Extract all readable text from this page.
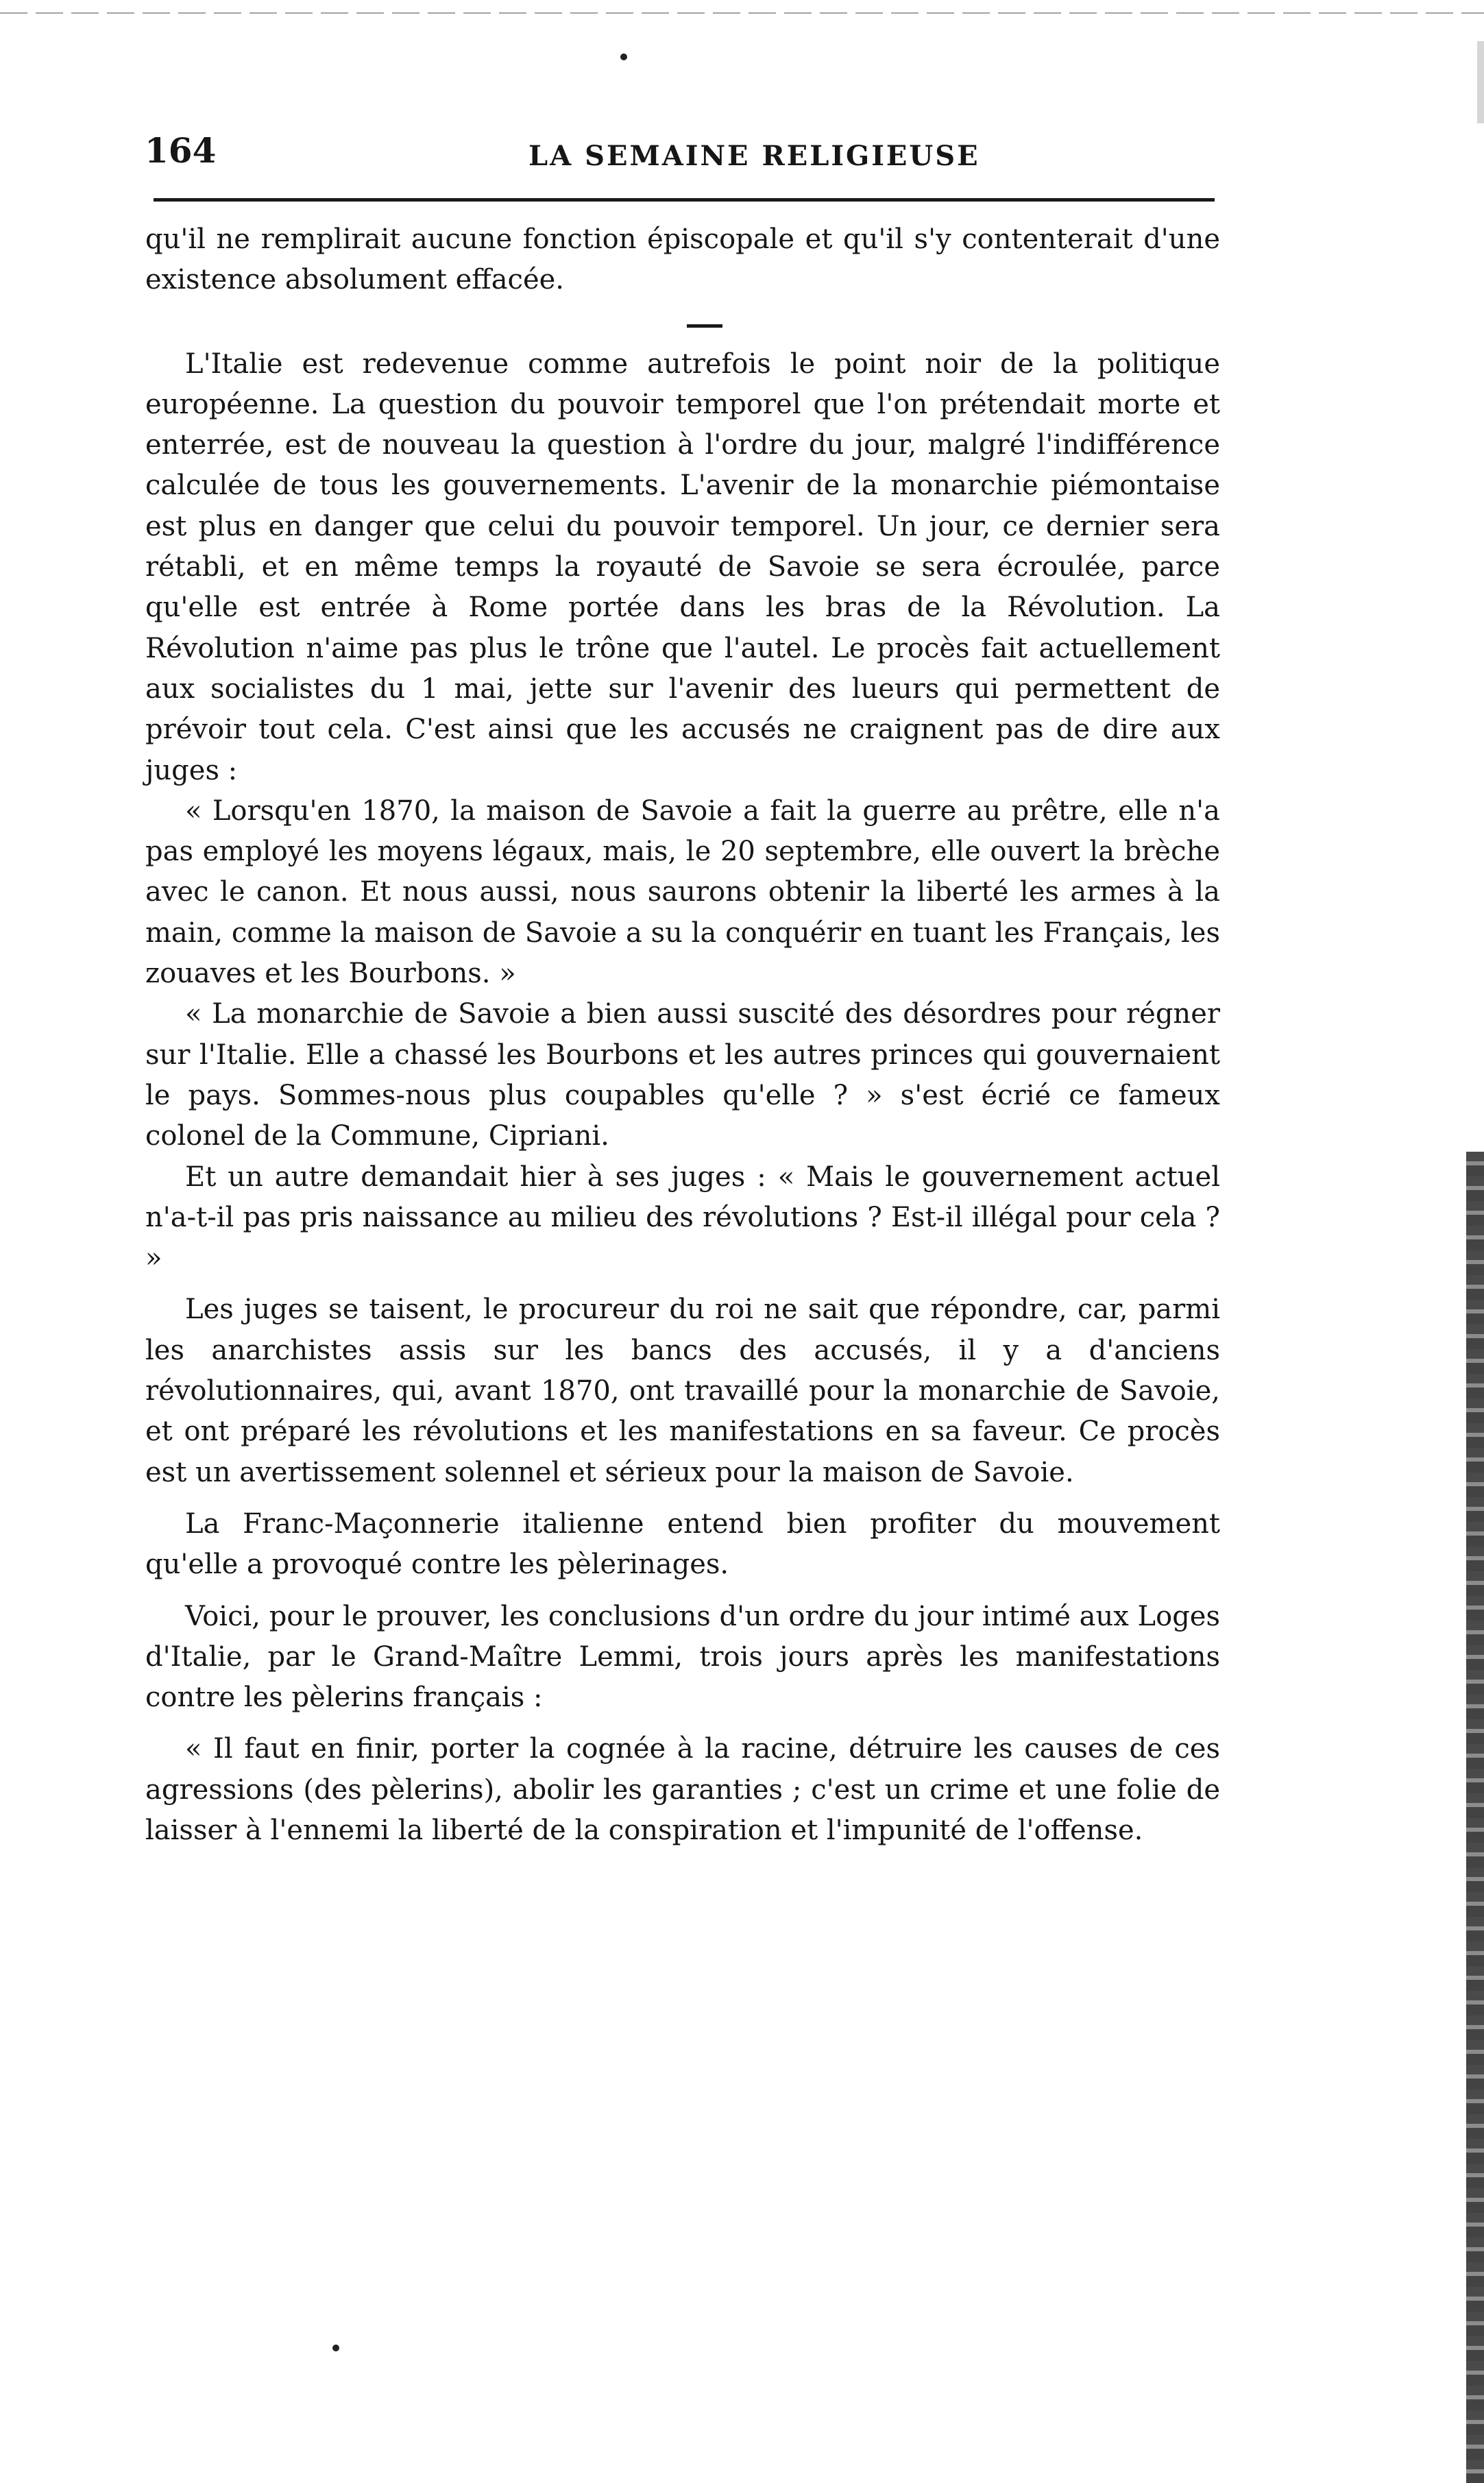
164	LA SEMAINE RELIGIEUSE

qu'il ne remplirait aucune fonction épiscopale et qu'il s'y contenterait d'une existence absolument effacée.

L'Italie est redevenue comme autrefois le point noir de la politique européenne. La question du pouvoir temporel que l'on prétendait morte et enterrée, est de nouveau la question à l'ordre du jour, malgré l'indifférence calculée de tous les gouvernements. L'avenir de la monarchie piémontaise est plus en danger que celui du pouvoir temporel. Un jour, ce dernier sera rétabli, et en même temps la royauté de Savoie se sera écroulée, parce qu'elle est entrée à Rome portée dans les bras de la Révolution. La Révolution n'aime pas plus le trône que l'autel. Le procès fait actuellement aux socialistes du 1 mai, jette sur l'avenir des lueurs qui permettent de prévoir tout cela. C'est ainsi que les accusés ne craignent pas de dire aux juges :

« Lorsqu'en 1870, la maison de Savoie a fait la guerre au prêtre, elle n'a pas employé les moyens légaux, mais, le 20 septembre, elle ouvert la brèche avec le canon. Et nous aussi, nous saurons obtenir la liberté les armes à la main, comme la maison de Savoie a su la conquérir en tuant les Français, les zouaves et les Bourbons. »

« La monarchie de Savoie a bien aussi suscité des désordres pour régner sur l'Italie. Elle a chassé les Bourbons et les autres princes qui gouvernaient le pays. Sommes-nous plus coupables qu'elle ? » s'est écrié ce fameux colonel de la Commune, Cipriani.

Et un autre demandait hier à ses juges : « Mais le gouvernement actuel n'a-t-il pas pris naissance au milieu des révolutions ? Est-il illégal pour cela ? »

Les juges se taisent, le procureur du roi ne sait que répondre, car, parmi les anarchistes assis sur les bancs des accusés, il y a d'anciens révolutionnaires, qui, avant 1870, ont travaillé pour la monarchie de Savoie, et ont préparé les révolutions et les manifestations en sa faveur. Ce procès est un avertissement solennel et sérieux pour la maison de Savoie.

La Franc-Maçonnerie italienne entend bien profiter du mouvement qu'elle a provoqué contre les pèlerinages.

Voici, pour le prouver, les conclusions d'un ordre du jour intimé aux Loges d'Italie, par le Grand-Maître Lemmi, trois jours après les manifestations contre les pèlerins français :

« Il faut en finir, porter la cognée à la racine, détruire les causes de ces agressions (des pèlerins), abolir les garanties ; c'est un crime et une folie de laisser à l'ennemi la liberté de la conspiration et l'impunité de l'offense.
